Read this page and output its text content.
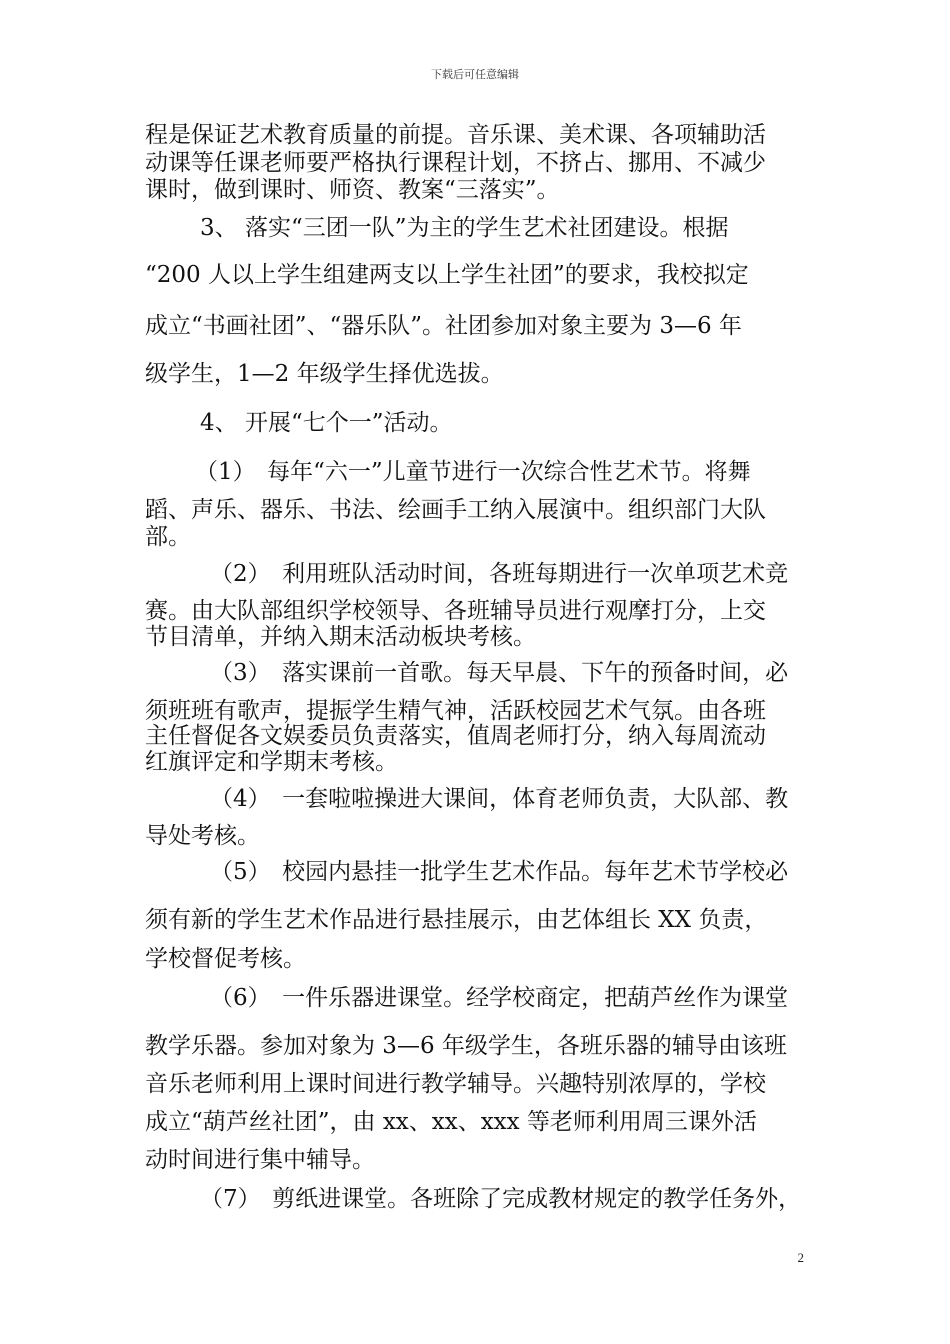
下载后可任意编辑
程是保证艺术教育质量的前提。音乐课、美术课、各项辅助活
动课等任课老师要严格执行课程计划，不挤占、挪用、不减少
课时，做到课时、师资、教案“三落实”。
3、 落实“三团一队”为主的学生艺术社团建设。根据
“200 人以上学生组建两支以上学生社团”的要求，我校拟定
成立“书画社团”、“器乐队”。社团参加对象主要为 3—6 年
级学生，1—2 年级学生择优选拔。
4、 开展“七个一”活动。
（1）　每年“六一”儿童节进行一次综合性艺术节。将舞
蹈、声乐、器乐、书法、绘画手工纳入展演中。组织部门大队
部。
（2）　利用班队活动时间，各班每期进行一次单项艺术竞
赛。由大队部组织学校领导、各班辅导员进行观摩打分，上交
节目清单，并纳入期末活动板块考核。
（3）　落实课前一首歌。每天早晨、下午的预备时间，必
须班班有歌声，提振学生精气神，活跃校园艺术气氛。由各班
主任督促各文娱委员负责落实，值周老师打分，纳入每周流动
红旗评定和学期末考核。
（4）　一套啦啦操进大课间，体育老师负责，大队部、教
导处考核。
（5）　校园内悬挂一批学生艺术作品。每年艺术节学校必
须有新的学生艺术作品进行悬挂展示，由艺体组长 XX 负责，
学校督促考核。
（6）　一件乐器进课堂。经学校商定，把葫芦丝作为课堂
教学乐器。参加对象为 3—6 年级学生，各班乐器的辅导由该班
音乐老师利用上课时间进行教学辅导。兴趣特别浓厚的，学校
成立“葫芦丝社团”，由 xx、xx、xxx 等老师利用周三课外活
动时间进行集中辅导。
（7）　剪纸进课堂。各班除了完成教材规定的教学任务外，
2
